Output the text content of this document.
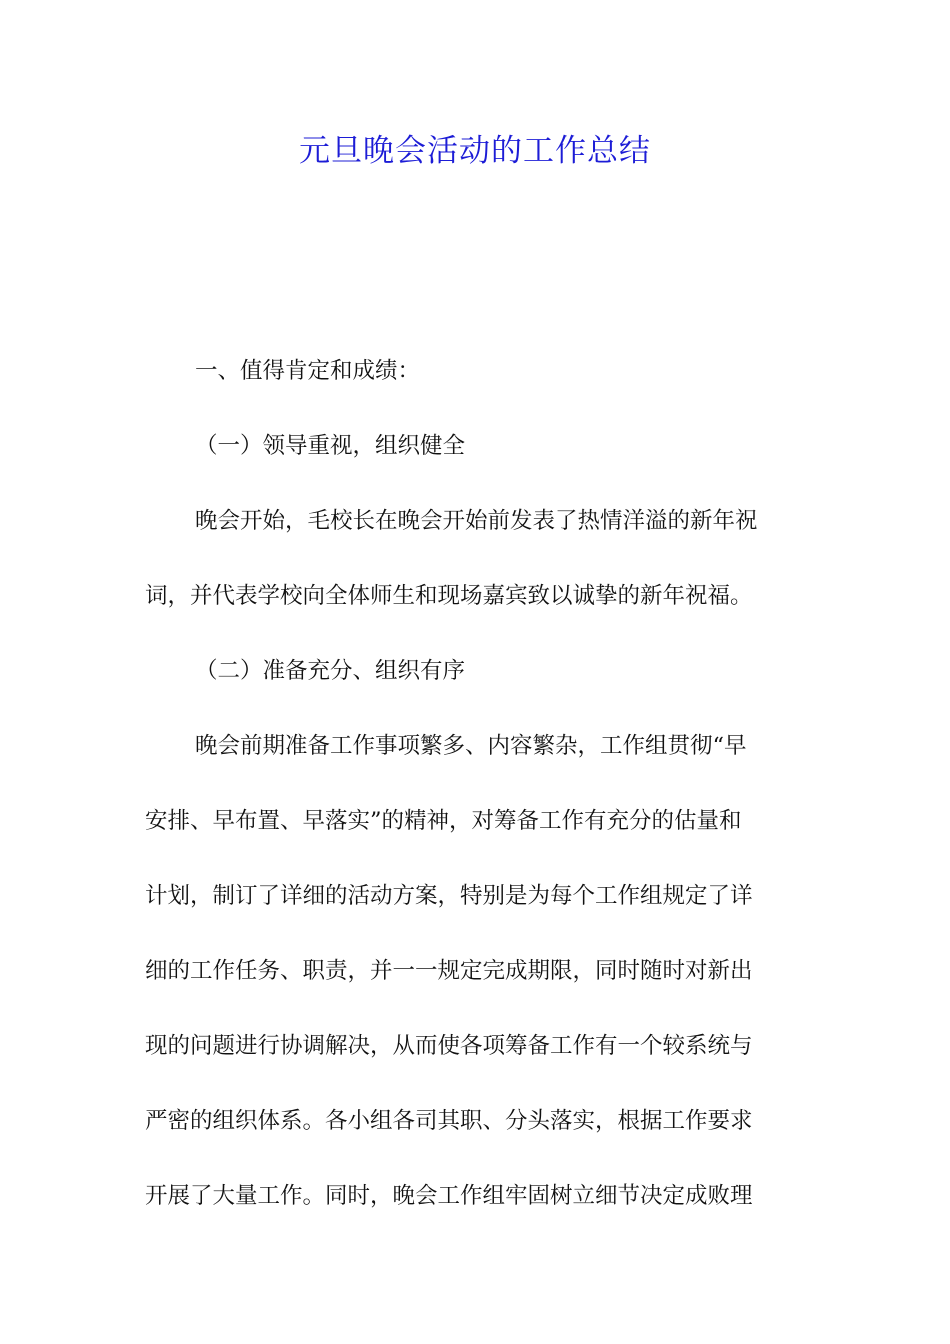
元旦晚会活动的工作总结

一、值得肯定和成绩：

（一）领导重视，组织健全

晚会开始，毛校长在晚会开始前发表了热情洋溢的新年祝

词，并代表学校向全体师生和现场嘉宾致以诚挚的新年祝福。

（二）准备充分、组织有序

晚会前期准备工作事项繁多、内容繁杂，工作组贯彻“早

安排、早布置、早落实”的精神，对筹备工作有充分的估量和

计划，制订了详细的活动方案，特别是为每个工作组规定了详

细的工作任务、职责，并一一规定完成期限，同时随时对新出

现的问题进行协调解决，从而使各项筹备工作有一个较系统与

严密的组织体系。各小组各司其职、分头落实，根据工作要求

开展了大量工作。同时，晚会工作组牢固树立细节决定成败理
